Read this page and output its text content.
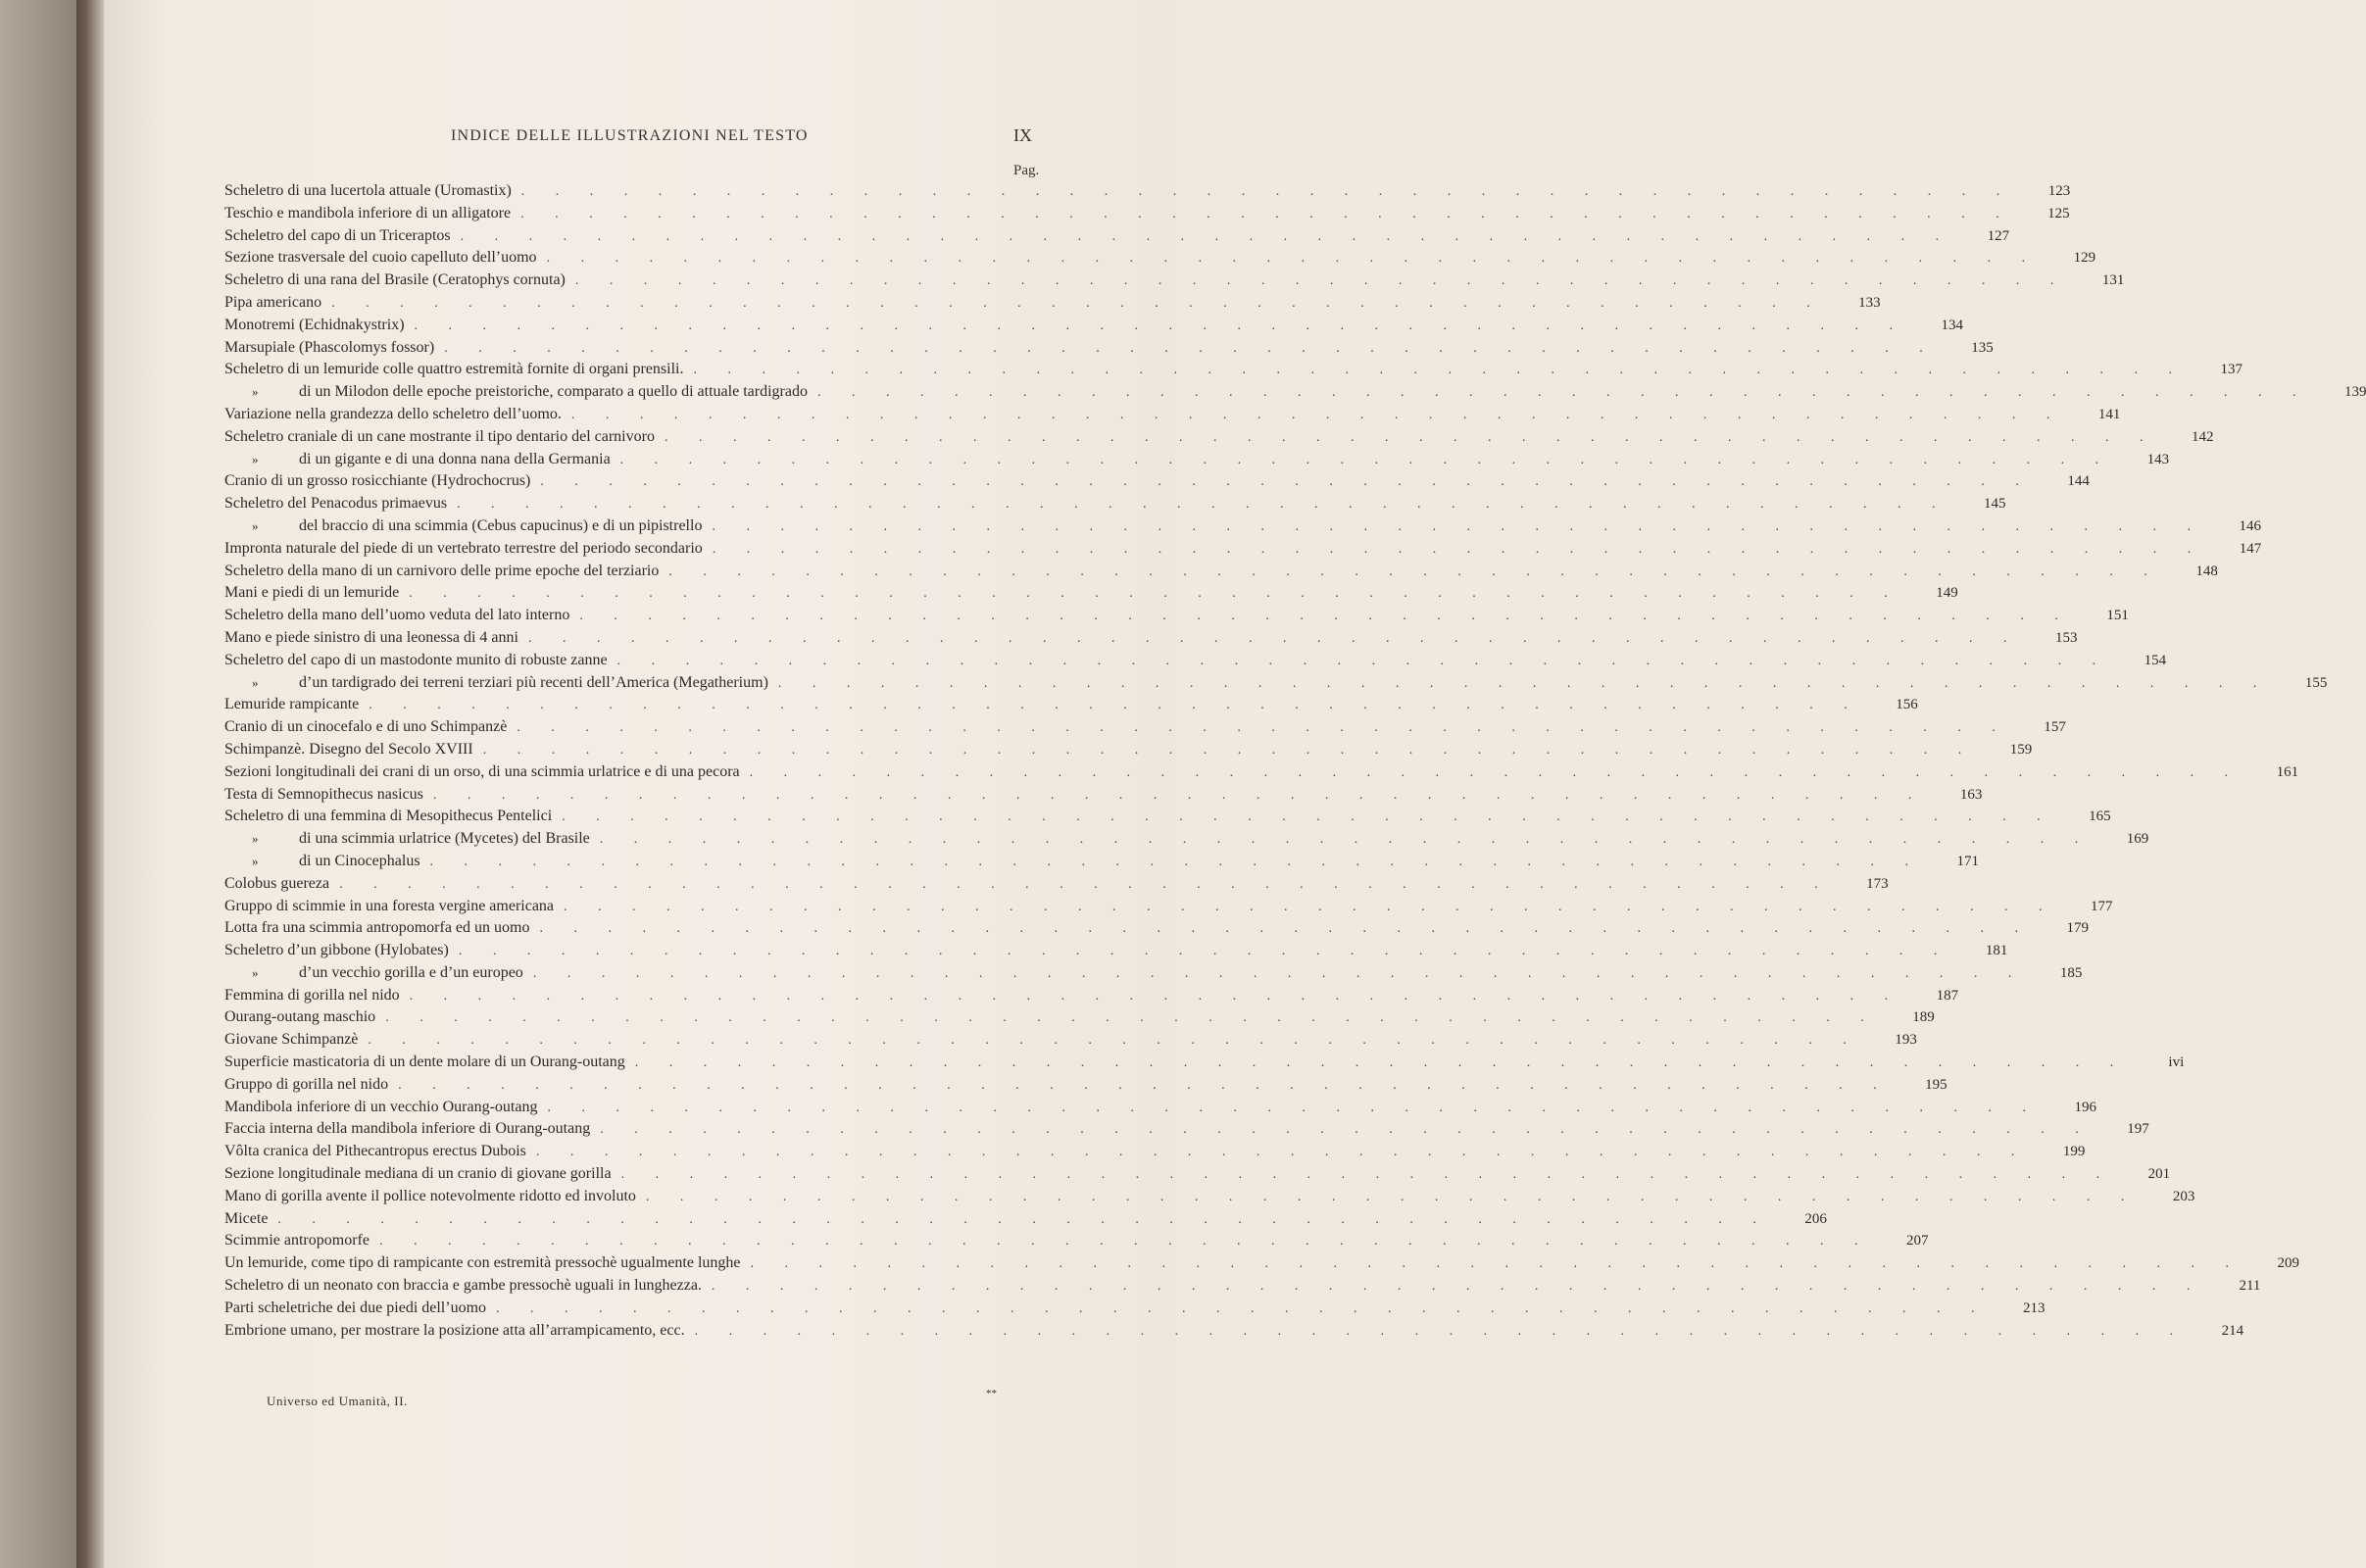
INDICE DELLE ILLUSTRAZIONI NEL TESTO	IX
Pag.
Scheletro di una lucertola attuale (Uromastix) . . . . . . . . . . . . . . . . . . . . . . . . . . . . . . . . . . . . . . . . . . . .	123
Teschio e mandibola inferiore di un alligatore . . . . . . . . . . . . . . . . . . . . . . . . . . . . . . . . . . . . . . . . . . . .	125
Scheletro del capo di un Triceraptos . . . . . . . . . . . . . . . . . . . . . . . . . . . . . . . . . . . . . . . . . . . .	127
Sezione trasversale del cuoio capelluto dell’uomo . . . . . . . . . . . . . . . . . . . . . . . . . . . . . . . . . . . . . . . . . . . .	129
Scheletro di una rana del Brasile (Ceratophys cornuta) . . . . . . . . . . . . . . . . . . . . . . . . . . . . . . . . . . . . . . . . . . . .	131
Pipa americano . . . . . . . . . . . . . . . . . . . . . . . . . . . . . . . . . . . . . . . . . . . .	133
Monotremi (Echidnakystrix) . . . . . . . . . . . . . . . . . . . . . . . . . . . . . . . . . . . . . . . . . . . .	134
Marsupiale (Phascolomys fossor) . . . . . . . . . . . . . . . . . . . . . . . . . . . . . . . . . . . . . . . . . . . .	135
Scheletro di un lemuride colle quattro estremità fornite di organi prensili. . . . . . . . . . . . . . . . . . . . . . . . . . . . . . . . . . . . . . . . . . . . .	137
»	di un Milodon delle epoche preistoriche, comparato a quello di attuale tardigrado . . . . . . . . . . . . . . . . . . . . . . . . . . . . . . . . . . . . . . . . . . . .	139
Variazione nella grandezza dello scheletro dell’uomo. . . . . . . . . . . . . . . . . . . . . . . . . . . . . . . . . . . . . . . . . . . . .	141
Scheletro craniale di un cane mostrante il tipo dentario del carnivoro . . . . . . . . . . . . . . . . . . . . . . . . . . . . . . . . . . . . . . . . . . . .	142
»	di un gigante e di una donna nana della Germania . . . . . . . . . . . . . . . . . . . . . . . . . . . . . . . . . . . . . . . . . . . .	143
Cranio di un grosso rosicchiante (Hydrochocrus) . . . . . . . . . . . . . . . . . . . . . . . . . . . . . . . . . . . . . . . . . . . .	144
Scheletro del Penacodus primaevus . . . . . . . . . . . . . . . . . . . . . . . . . . . . . . . . . . . . . . . . . . . .	145
»	del braccio di una scimmia (Cebus capucinus) e di un pipistrello . . . . . . . . . . . . . . . . . . . . . . . . . . . . . . . . . . . . . . . . . . . .	146
Impronta naturale del piede di un vertebrato terrestre del periodo secondario . . . . . . . . . . . . . . . . . . . . . . . . . . . . . . . . . . . . . . . . . . . .	147
Scheletro della mano di un carnivoro delle prime epoche del terziario . . . . . . . . . . . . . . . . . . . . . . . . . . . . . . . . . . . . . . . . . . . .	148
Mani e piedi di un lemuride . . . . . . . . . . . . . . . . . . . . . . . . . . . . . . . . . . . . . . . . . . . .	149
Scheletro della mano dell’uomo veduta del lato interno . . . . . . . . . . . . . . . . . . . . . . . . . . . . . . . . . . . . . . . . . . . .	151
Mano e piede sinistro di una leonessa di 4 anni . . . . . . . . . . . . . . . . . . . . . . . . . . . . . . . . . . . . . . . . . . . .	153
Scheletro del capo di un mastodonte munito di robuste zanne . . . . . . . . . . . . . . . . . . . . . . . . . . . . . . . . . . . . . . . . . . . .	154
»	d’un tardigrado dei terreni terziari più recenti dell’America (Megatherium) . . . . . . . . . . . . . . . . . . . . . . . . . . . . . . . . . . . . . . . . . . . .	155
Lemuride rampicante . . . . . . . . . . . . . . . . . . . . . . . . . . . . . . . . . . . . . . . . . . . .	156
Cranio di un cinocefalo e di uno Schimpanzè . . . . . . . . . . . . . . . . . . . . . . . . . . . . . . . . . . . . . . . . . . . .	157
Schimpanzè. Disegno del Secolo XVIII . . . . . . . . . . . . . . . . . . . . . . . . . . . . . . . . . . . . . . . . . . . .	159
Sezioni longitudinali dei crani di un orso, di una scimmia urlatrice e di una pecora . . . . . . . . . . . . . . . . . . . . . . . . . . . . . . . . . . . . . . . . . . . .	161
Testa di Semnopithecus nasicus . . . . . . . . . . . . . . . . . . . . . . . . . . . . . . . . . . . . . . . . . . . .	163
Scheletro di una femmina di Mesopithecus Pentelici . . . . . . . . . . . . . . . . . . . . . . . . . . . . . . . . . . . . . . . . . . . .	165
»	di una scimmia urlatrice (Mycetes) del Brasile . . . . . . . . . . . . . . . . . . . . . . . . . . . . . . . . . . . . . . . . . . . .	169
»	di un Cinocephalus . . . . . . . . . . . . . . . . . . . . . . . . . . . . . . . . . . . . . . . . . . . .	171
Colobus guereza . . . . . . . . . . . . . . . . . . . . . . . . . . . . . . . . . . . . . . . . . . . .	173
Gruppo di scimmie in una foresta vergine americana . . . . . . . . . . . . . . . . . . . . . . . . . . . . . . . . . . . . . . . . . . . .	177
Lotta fra una scimmia antropomorfa ed un uomo . . . . . . . . . . . . . . . . . . . . . . . . . . . . . . . . . . . . . . . . . . . .	179
Scheletro d’un gibbone (Hylobates) . . . . . . . . . . . . . . . . . . . . . . . . . . . . . . . . . . . . . . . . . . . .	181
»	d’un vecchio gorilla e d’un europeo . . . . . . . . . . . . . . . . . . . . . . . . . . . . . . . . . . . . . . . . . . . .	185
Femmina di gorilla nel nido . . . . . . . . . . . . . . . . . . . . . . . . . . . . . . . . . . . . . . . . . . . .	187
Ourang-outang maschio . . . . . . . . . . . . . . . . . . . . . . . . . . . . . . . . . . . . . . . . . . . .	189
Giovane Schimpanzè . . . . . . . . . . . . . . . . . . . . . . . . . . . . . . . . . . . . . . . . . . . .	193
Superficie masticatoria di un dente molare di un Ourang-outang . . . . . . . . . . . . . . . . . . . . . . . . . . . . . . . . . . . . . . . . . . . .	ivi
Gruppo di gorilla nel nido . . . . . . . . . . . . . . . . . . . . . . . . . . . . . . . . . . . . . . . . . . . .	195
Mandibola inferiore di un vecchio Ourang-outang . . . . . . . . . . . . . . . . . . . . . . . . . . . . . . . . . . . . . . . . . . . .	196
Faccia interna della mandibola inferiore di Ourang-outang . . . . . . . . . . . . . . . . . . . . . . . . . . . . . . . . . . . . . . . . . . . .	197
Vôlta cranica del Pithecantropus erectus Dubois . . . . . . . . . . . . . . . . . . . . . . . . . . . . . . . . . . . . . . . . . . . .	199
Sezione longitudinale mediana di un cranio di giovane gorilla . . . . . . . . . . . . . . . . . . . . . . . . . . . . . . . . . . . . . . . . . . . .	201
Mano di gorilla avente il pollice notevolmente ridotto ed involuto . . . . . . . . . . . . . . . . . . . . . . . . . . . . . . . . . . . . . . . . . . . .	203
Micete . . . . . . . . . . . . . . . . . . . . . . . . . . . . . . . . . . . . . . . . . . . .	206
Scimmie antropomorfe . . . . . . . . . . . . . . . . . . . . . . . . . . . . . . . . . . . . . . . . . . . .	207
Un lemuride, come tipo di rampicante con estremità pressochè ugualmente lunghe . . . . . . . . . . . . . . . . . . . . . . . . . . . . . . . . . . . . . . . . . . . .	209
Scheletro di un neonato con braccia e gambe pressochè uguali in lunghezza. . . . . . . . . . . . . . . . . . . . . . . . . . . . . . . . . . . . . . . . . . . . .	211
Parti scheletriche dei due piedi dell’uomo . . . . . . . . . . . . . . . . . . . . . . . . . . . . . . . . . . . . . . . . . . . .	213
Embrione umano, per mostrare la posizione atta all’arrampicamento, ecc. . . . . . . . . . . . . . . . . . . . . . . . . . . . . . . . . . . . . . . . . . . . .	214
Universo ed Umanità, II.	**
